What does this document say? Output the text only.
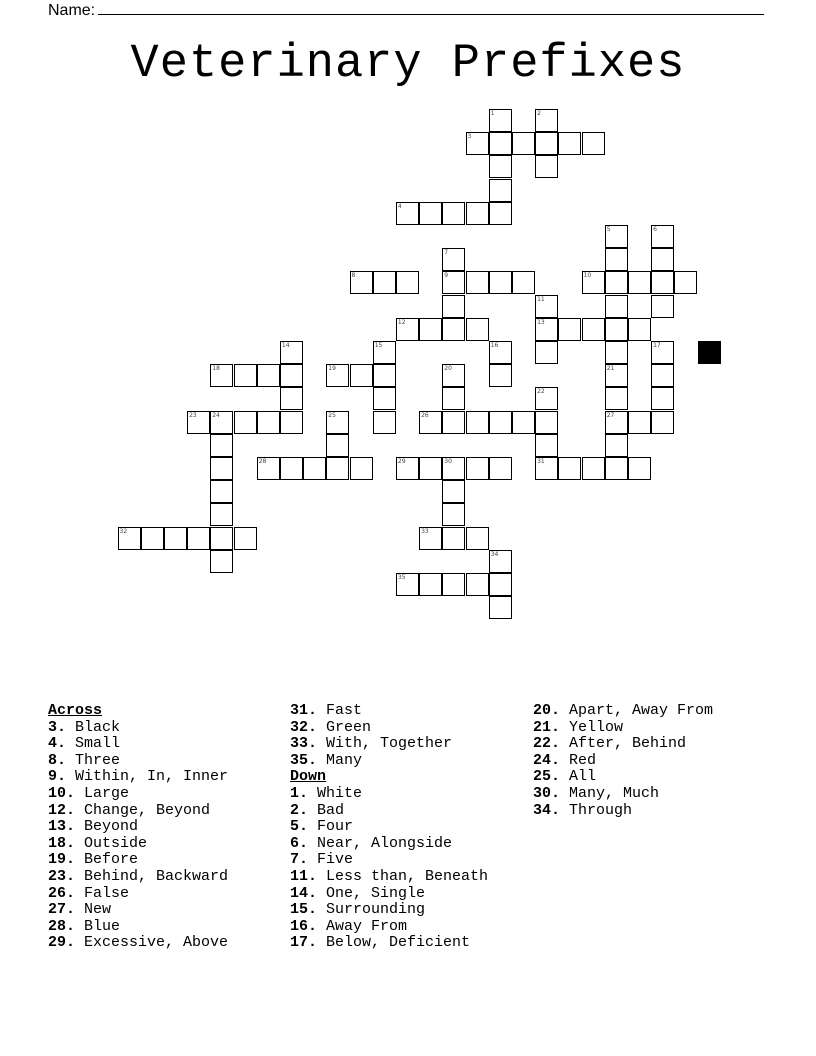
Name:
Veterinary Prefixes
1	2
3
4
5	6
7
9
8	10
11
13
12
14	15	16	17
18	19	20	21
27
22
31
23	24	25	26
28	29	30
32	33
34
35
Across
3. Black
4. Small
8. Three
9. Within, In, Inner
10. Large
12. Change, Beyond
13. Beyond
18. Outside
19. Before
23. Behind, Backward
26. False
27. New
28. Blue
29. Excessive, Above
31. Fast
32. Green
33. With, Together
35. Many
Down
1. White
2. Bad
5. Four
6. Near, Alongside
7. Five
11. Less than, Beneath
14. One, Single
15. Surrounding
16. Away From
17. Below, Deficient
20. Apart, Away From
21. Yellow
22. After, Behind
24. Red
25. All
30. Many, Much
34. Through
